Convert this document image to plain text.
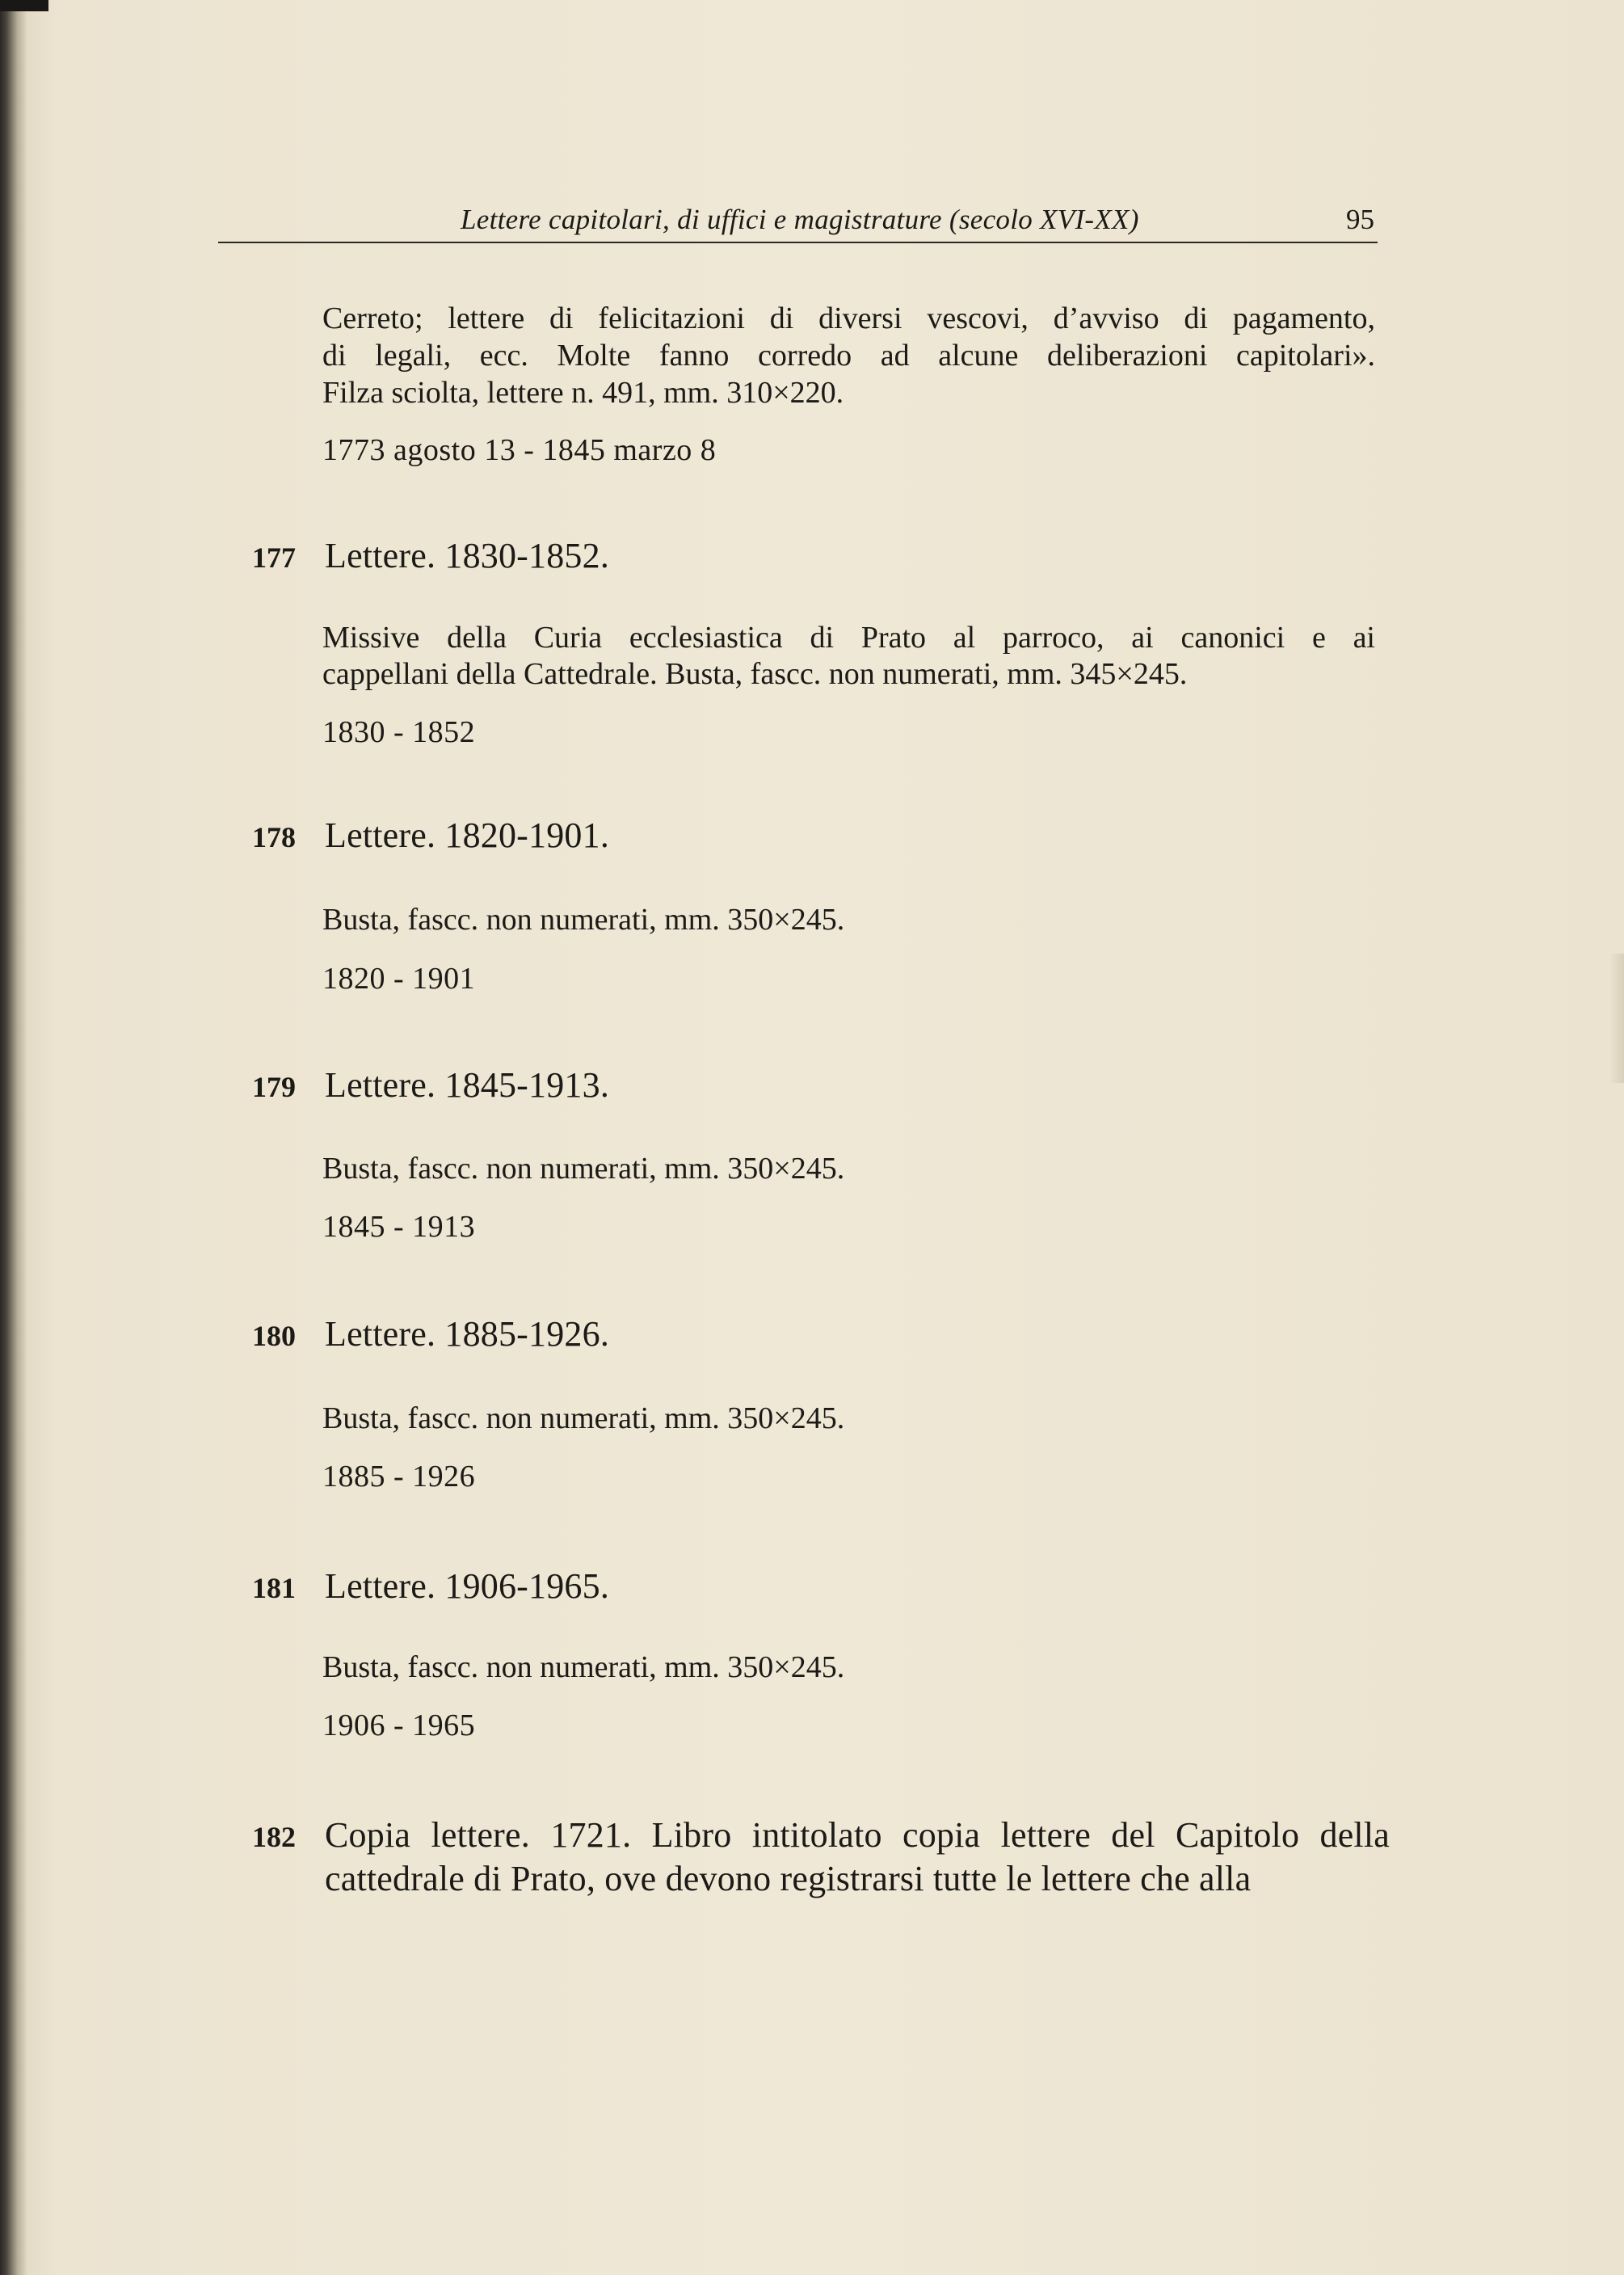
Lettere capitolari, di uffici e magistrature (secolo XVI-XX)	95
Cerreto; lettere di felicitazioni di diversi vescovi, d’avviso di pagamento,
di legali, ecc. Molte fanno corredo ad alcune deliberazioni capitolari».
Filza sciolta, lettere n. 491, mm. 310×220.
1773 agosto 13 - 1845 marzo 8
177 Lettere. 1830-1852.
Missive della Curia ecclesiastica di Prato al parroco, ai canonici e ai
cappellani della Cattedrale. Busta, fascc. non numerati, mm. 345×245.
1830 - 1852
178 Lettere. 1820-1901.
Busta, fascc. non numerati, mm. 350×245.
1820 - 1901
179 Lettere. 1845-1913.
Busta, fascc. non numerati, mm. 350×245.
1845 - 1913
180 Lettere. 1885-1926.
Busta, fascc. non numerati, mm. 350×245.
1885 - 1926
181 Lettere. 1906-1965.
Busta, fascc. non numerati, mm. 350×245.
1906 - 1965
182 Copia lettere. 1721. Libro intitolato copia lettere del Capitolo della
cattedrale di Prato, ove devono registrarsi tutte le lettere che alla
